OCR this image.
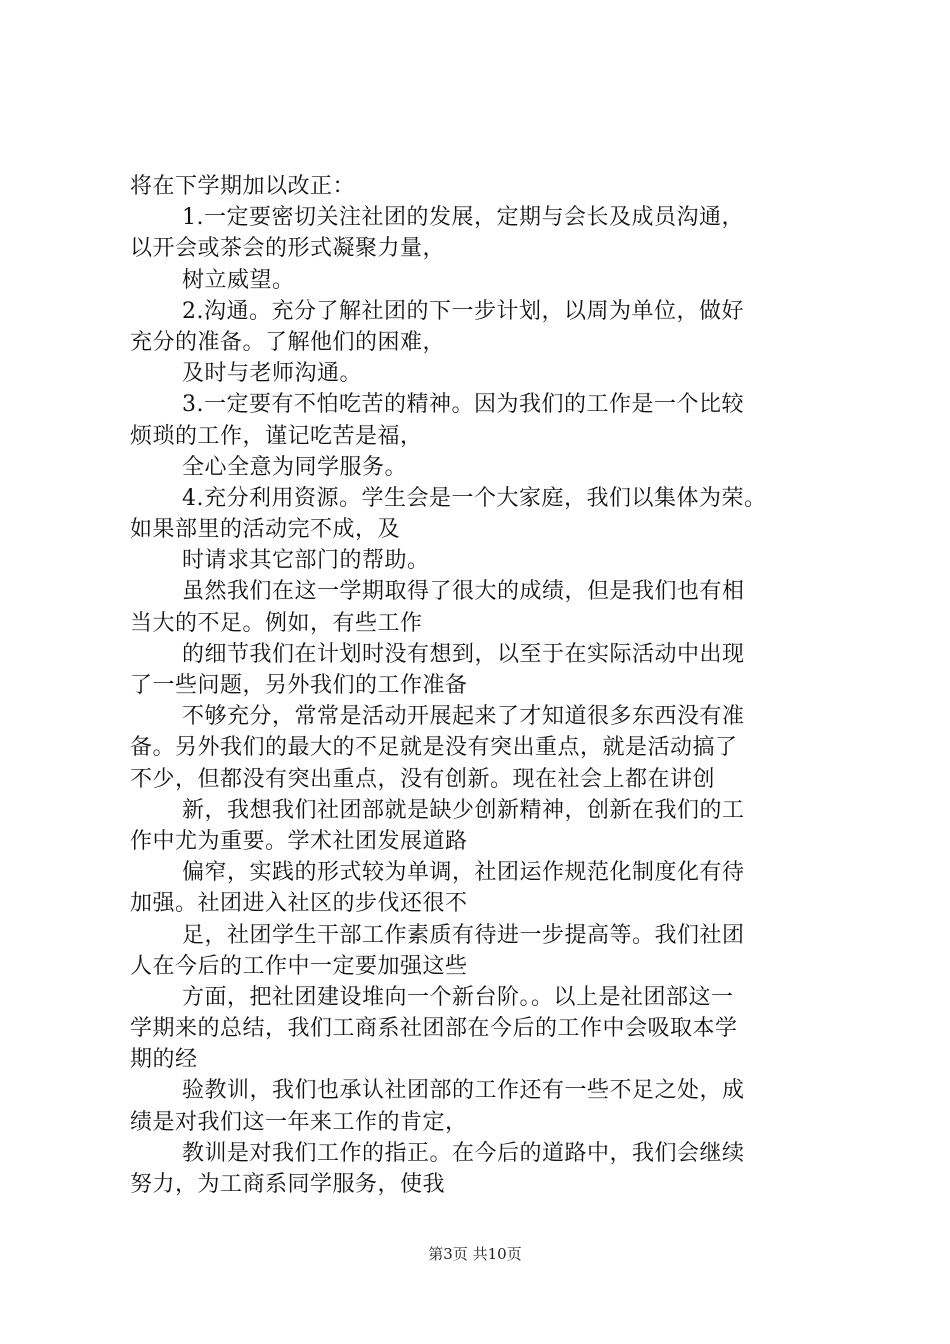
将在下学期加以改正：
1.一定要密切关注社团的发展，定期与会长及成员沟通，
以开会或茶会的形式凝聚力量，
树立威望。
2.沟通。充分了解社团的下一步计划，以周为单位，做好
充分的准备。了解他们的困难，
及时与老师沟通。
3.一定要有不怕吃苦的精神。因为我们的工作是一个比较
烦琐的工作，谨记吃苦是福，
全心全意为同学服务。
4.充分利用资源。学生会是一个大家庭，我们以集体为荣。
如果部里的活动完不成，及
时请求其它部门的帮助。
虽然我们在这一学期取得了很大的成绩，但是我们也有相
当大的不足。例如，有些工作
的细节我们在计划时没有想到，以至于在实际活动中出现
了一些问题，另外我们的工作准备
不够充分，常常是活动开展起来了才知道很多东西没有准
备。另外我们的最大的不足就是没有突出重点，就是活动搞了
不少，但都没有突出重点，没有创新。现在社会上都在讲创
新，我想我们社团部就是缺少创新精神，创新在我们的工
作中尤为重要。学术社团发展道路
偏窄，实践的形式较为单调，社团运作规范化制度化有待
加强。社团进入社区的步伐还很不
足，社团学生干部工作素质有待进一步提高等。我们社团
人在今后的工作中一定要加强这些
方面，把社团建设堆向一个新台阶。。以上是社团部这一
学期来的总结，我们工商系社团部在今后的工作中会吸取本学
期的经
验教训，我们也承认社团部的工作还有一些不足之处，成
绩是对我们这一年来工作的肯定，
教训是对我们工作的指正。在今后的道路中，我们会继续
努力，为工商系同学服务，使我
第3页 共10页
